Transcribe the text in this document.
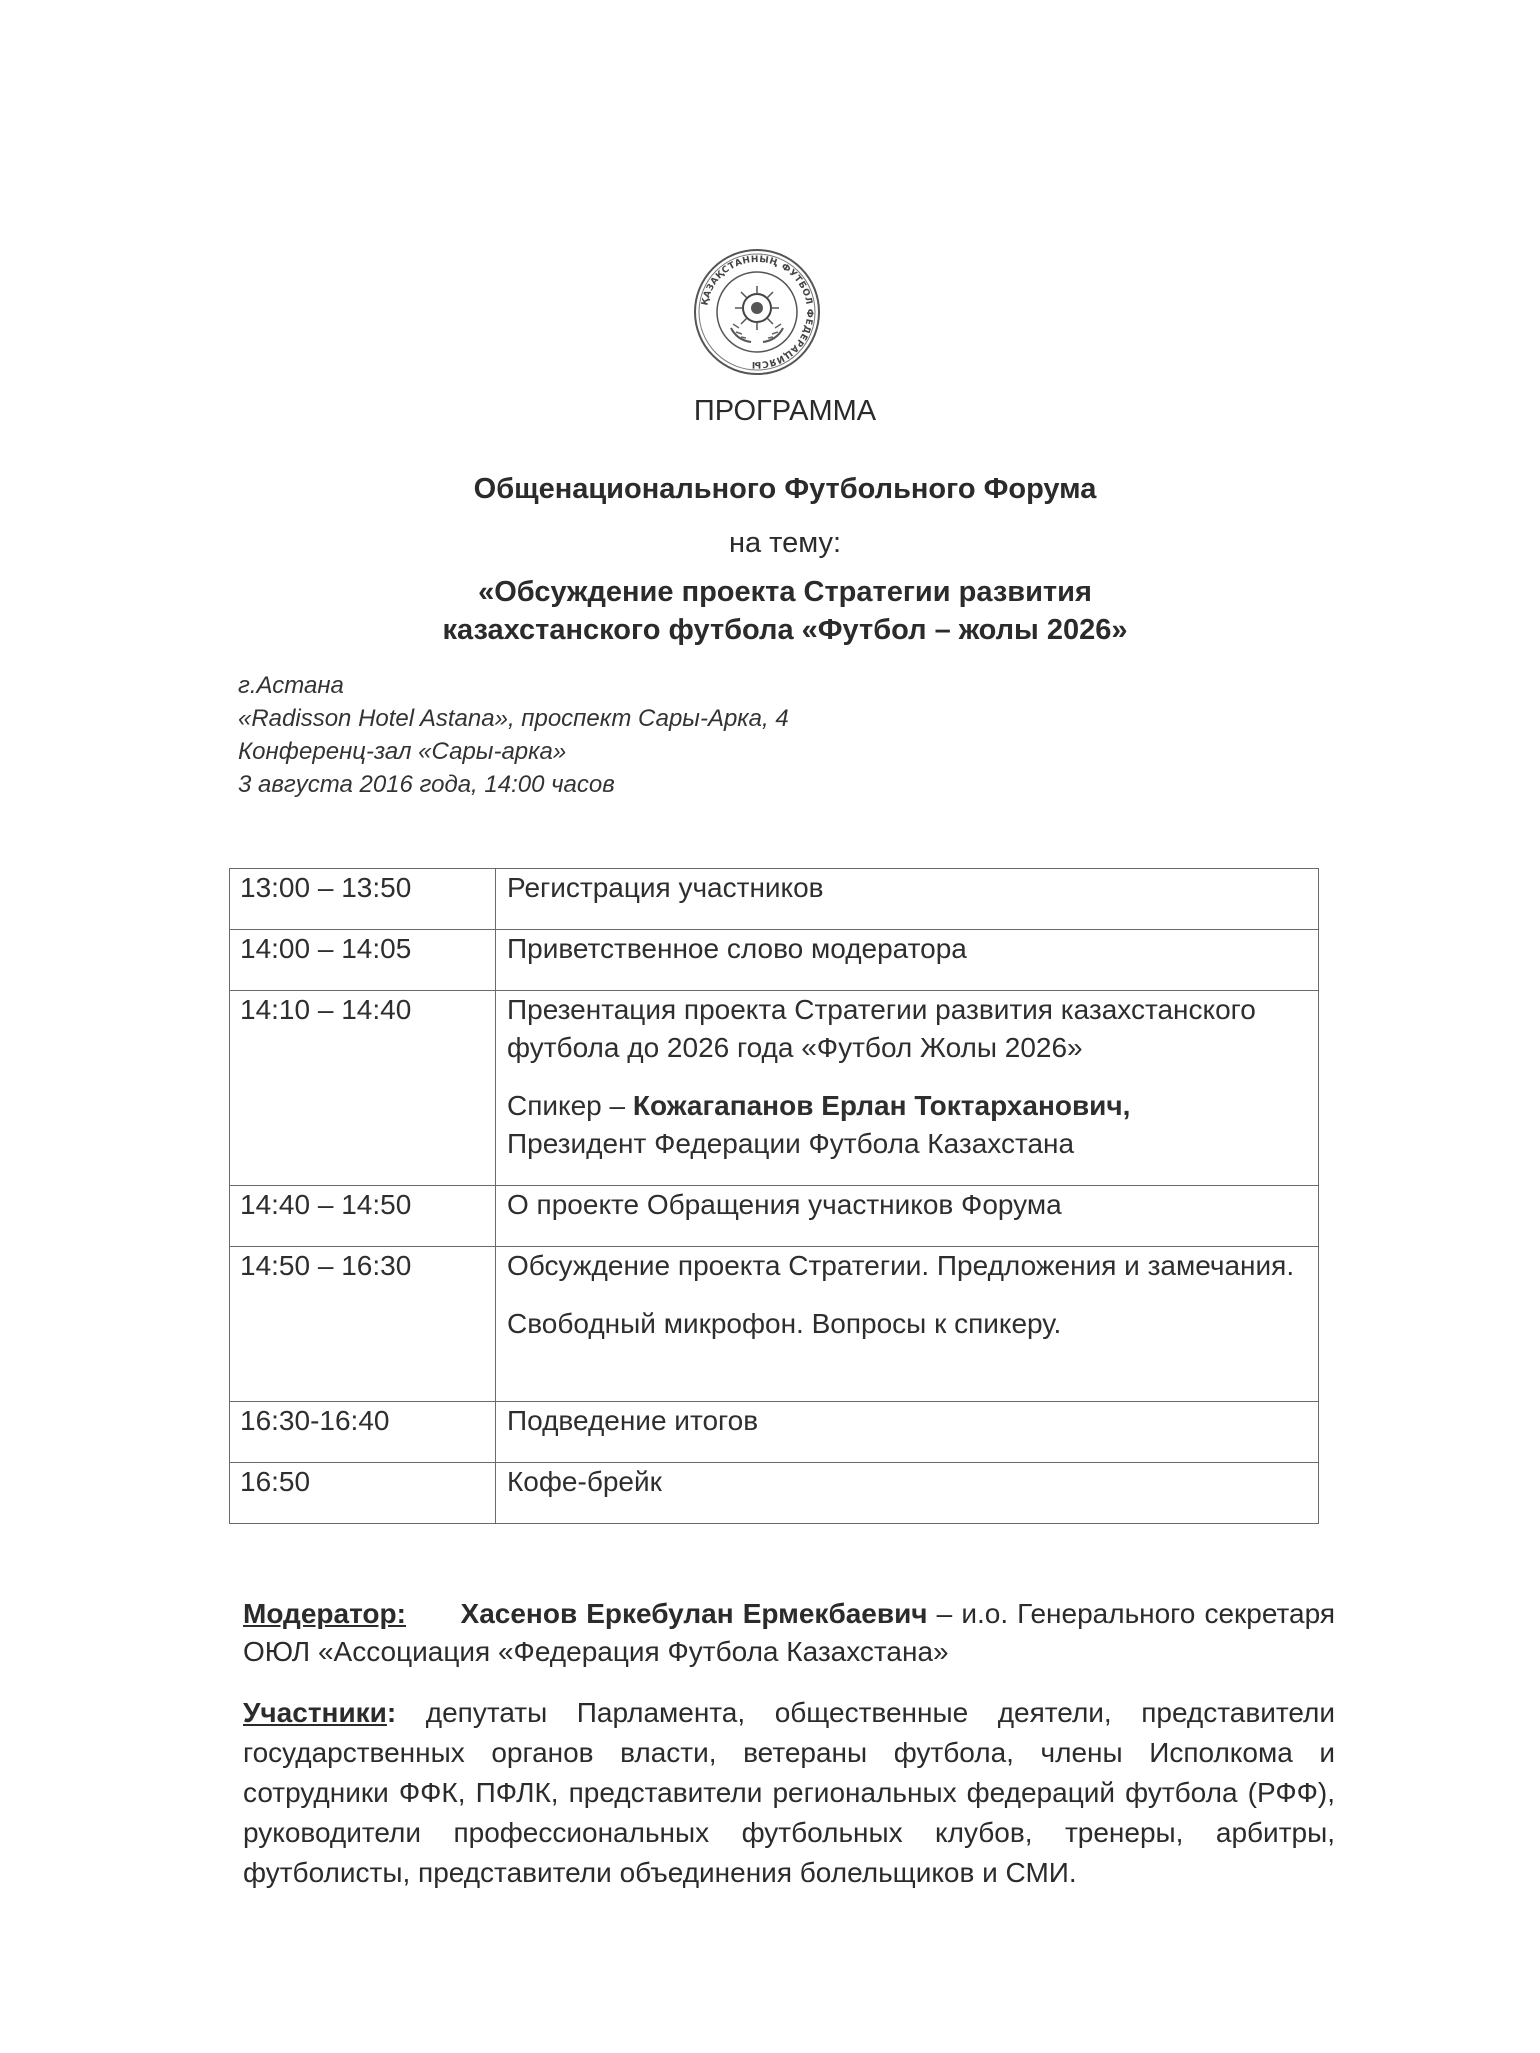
ҚАЗАҚСТАННЫҢ ФУТБОЛ ФЕДЕРАЦИЯСЫ
ПРОГРАММА
Общенационального Футбольного Форума
на тему:
«Обсуждение проекта Стратегии развития
казахстанского футбола «Футбол – жолы 2026»
г.Астана
«Radisson Hotel Astana», проспект Сары-Арка, 4
Конференц-зал «Сары-арка»
3 августа 2016 года, 14:00 часов
13:00 – 13:50	Регистрация участников

14:00 – 14:05	Приветственное слово модератора

14:10 – 14:40	Презентация проекта Стратегии развития казахстанского футбола до 2026 года «Футбол Жолы 2026»
Спикер – Кожагапанов Ерлан Токтарханович,
Президент Федерации Футбола Казахстана

14:40 – 14:50	О проекте Обращения участников Форума

14:50 – 16:30	Обсуждение проекта Стратегии. Предложения и замечания.
Свободный микрофон. Вопросы к спикеру.

16:30-16:40	Подведение итогов

16:50	Кофе-брейк
Модератор: Хасенов Еркебулан Ермекбаевич – и.о. Генерального секретаря ОЮЛ «Ассоциация «Федерация Футбола Казахстана»
Участники: депутаты Парламента, общественные деятели, представители государственных органов власти, ветераны футбола, члены Исполкома и сотрудники ФФК, ПФЛК, представители региональных федераций футбола (РФФ), руководители профессиональных футбольных клубов, тренеры, арбитры, футболисты, представители объединения болельщиков и СМИ.
